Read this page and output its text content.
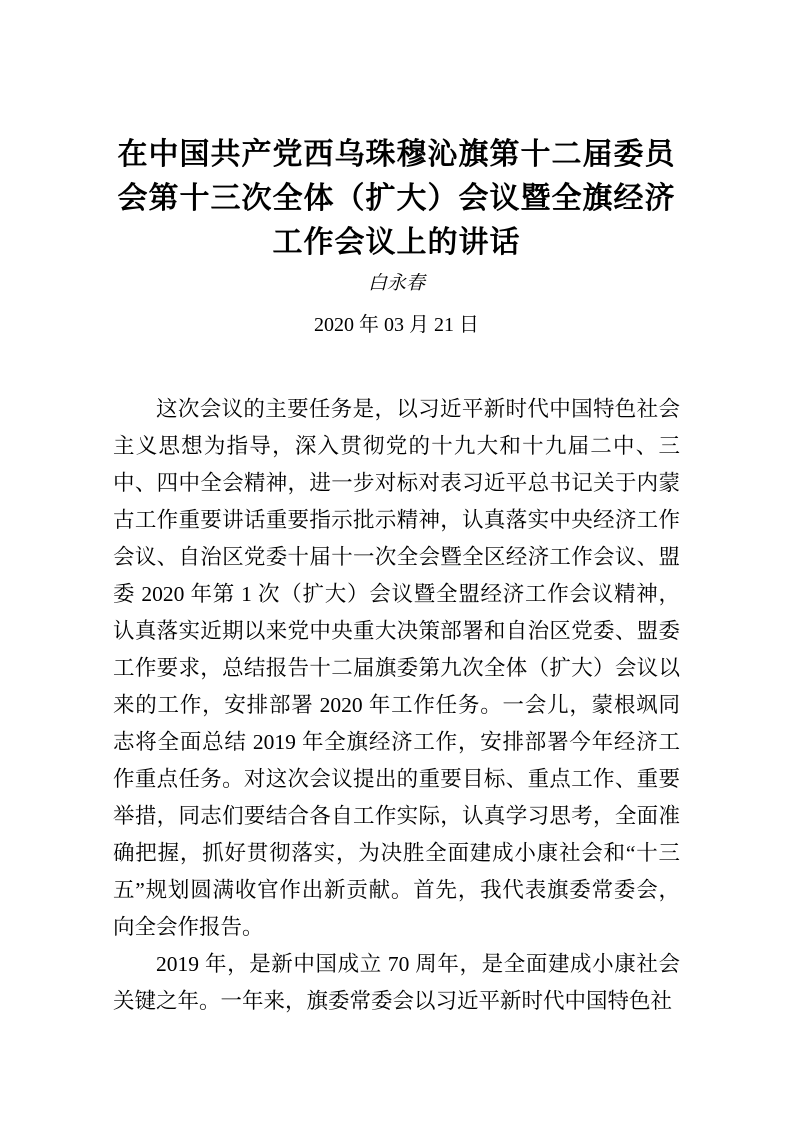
在中国共产党西乌珠穆沁旗第十二届委员会第十三次全体（扩大）会议暨全旗经济工作会议上的讲话
白永春
2020 年 03 月 21 日

这次会议的主要任务是，以习近平新时代中国特色社会主义思想为指导，深入贯彻党的十九大和十九届二中、三中、四中全会精神，进一步对标对表习近平总书记关于内蒙古工作重要讲话重要指示批示精神，认真落实中央经济工作会议、自治区党委十届十一次全会暨全区经济工作会议、盟委 2020 年第 1 次（扩大）会议暨全盟经济工作会议精神，认真落实近期以来党中央重大决策部署和自治区党委、盟委工作要求，总结报告十二届旗委第九次全体（扩大）会议以来的工作，安排部署 2020 年工作任务。一会儿，蒙根飒同志将全面总结 2019 年全旗经济工作，安排部署今年经济工作重点任务。对这次会议提出的重要目标、重点工作、重要举措，同志们要结合各自工作实际，认真学习思考，全面准确把握，抓好贯彻落实，为决胜全面建成小康社会和“十三五”规划圆满收官作出新贡献。首先，我代表旗委常委会，向全会作报告。

2019 年，是新中国成立 70 周年，是全面建成小康社会关键之年。一年来，旗委常委会以习近平新时代中国特色社
